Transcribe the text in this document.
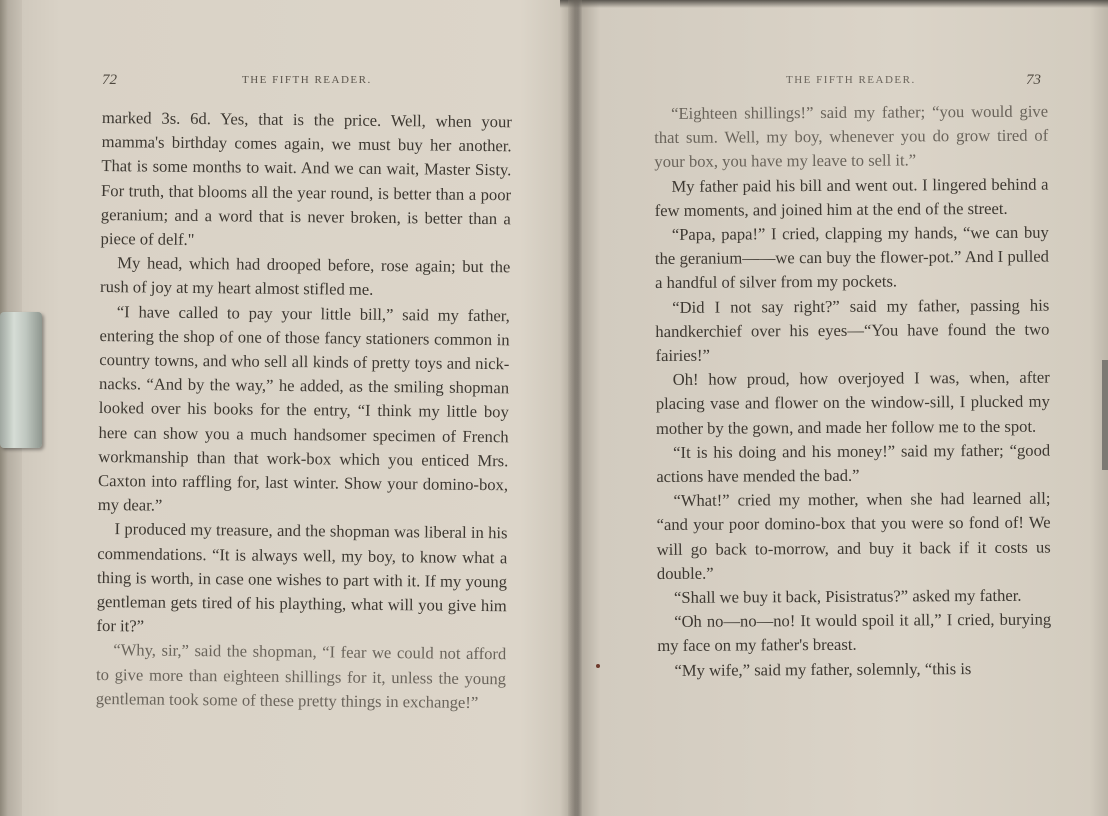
72	THE FIFTH READER.

marked 3s. 6d. Yes, that is the price. Well, when your mamma's birthday comes again, we must buy her another. That is some months to wait. And we can wait, Master Sisty. For truth, that blooms all the year round, is better than a poor geranium; and a word that is never broken, is better than a piece of delf."

My head, which had drooped before, rose again; but the rush of joy at my heart almost stifled me.

“I have called to pay your little bill,” said my father, entering the shop of one of those fancy stationers common in country towns, and who sell all kinds of pretty toys and nick-nacks. “And by the way,” he added, as the smiling shopman looked over his books for the entry, “I think my little boy here can show you a much handsomer specimen of French workmanship than that work-box which you enticed Mrs. Caxton into raffling for, last winter. Show your domino-box, my dear.”

I produced my treasure, and the shopman was liberal in his commendations. “It is always well, my boy, to know what a thing is worth, in case one wishes to part with it. If my young gentleman gets tired of his plaything, what will you give him for it?”

“Why, sir,” said the shopman, “I fear we could not afford to give more than eighteen shillings for it, unless the young gentleman took some of these pretty things in exchange!”

THE FIFTH READER.	73

“Eighteen shillings!” said my father; “you would give that sum. Well, my boy, whenever you do grow tired of your box, you have my leave to sell it.”

My father paid his bill and went out. I lingered behind a few moments, and joined him at the end of the street.

“Papa, papa!” I cried, clapping my hands, “we can buy the geranium——we can buy the flower-pot.” And I pulled a handful of silver from my pockets.

“Did I not say right?” said my father, passing his handkerchief over his eyes—“You have found the two fairies!”

Oh! how proud, how overjoyed I was, when, after placing vase and flower on the window-sill, I plucked my mother by the gown, and made her follow me to the spot.

“It is his doing and his money!” said my father; “good actions have mended the bad.”

“What!” cried my mother, when she had learned all; “and your poor domino-box that you were so fond of! We will go back to-morrow, and buy it back if it costs us double.”

“Shall we buy it back, Pisistratus?” asked my father.

“Oh no—no—no! It would spoil it all,” I cried, burying my face on my father's breast.

“My wife,” said my father, solemnly, “this is
